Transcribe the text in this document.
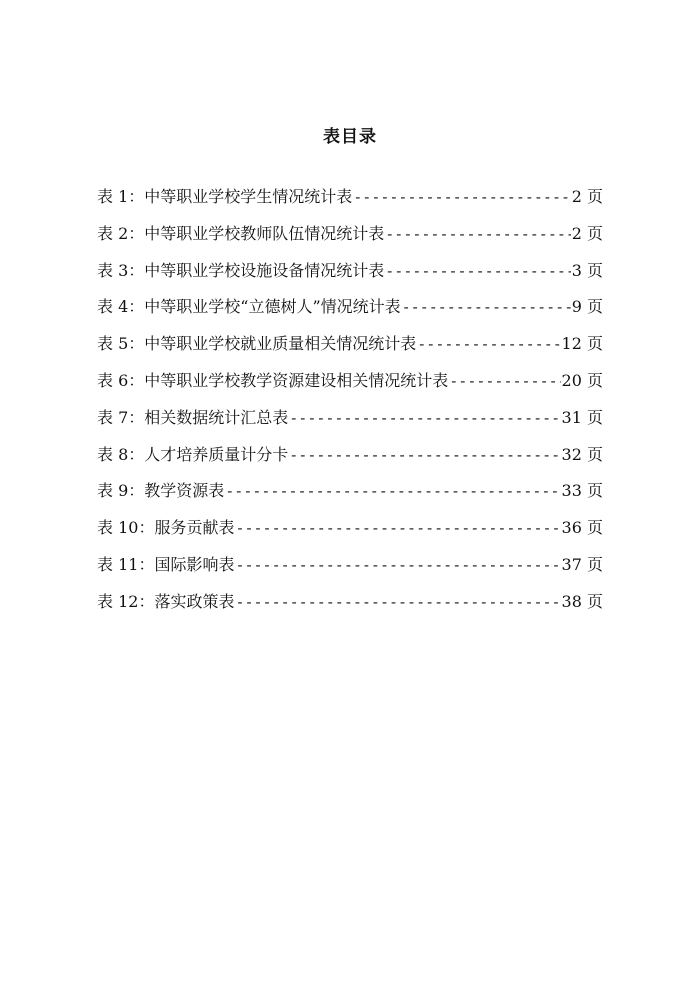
表目录
表 1：中等职业学校学生情况统计表 -----	2 页
表 2：中等职业学校教师队伍情况统计表 -----	2 页
表 3：中等职业学校设施设备情况统计表 -----	3 页
表 4：中等职业学校“立德树人”情况统计表 -----	9 页
表 5：中等职业学校就业质量相关情况统计表 -----	12 页
表 6：中等职业学校教学资源建设相关情况统计表 -----	20 页
表 7：相关数据统计汇总表 -----	31 页
表 8：人才培养质量计分卡 -----	32 页
表 9：教学资源表 -----	33 页
表 10：服务贡献表 -----	36 页
表 11：国际影响表 -----	37 页
表 12：落实政策表 -----	38 页
